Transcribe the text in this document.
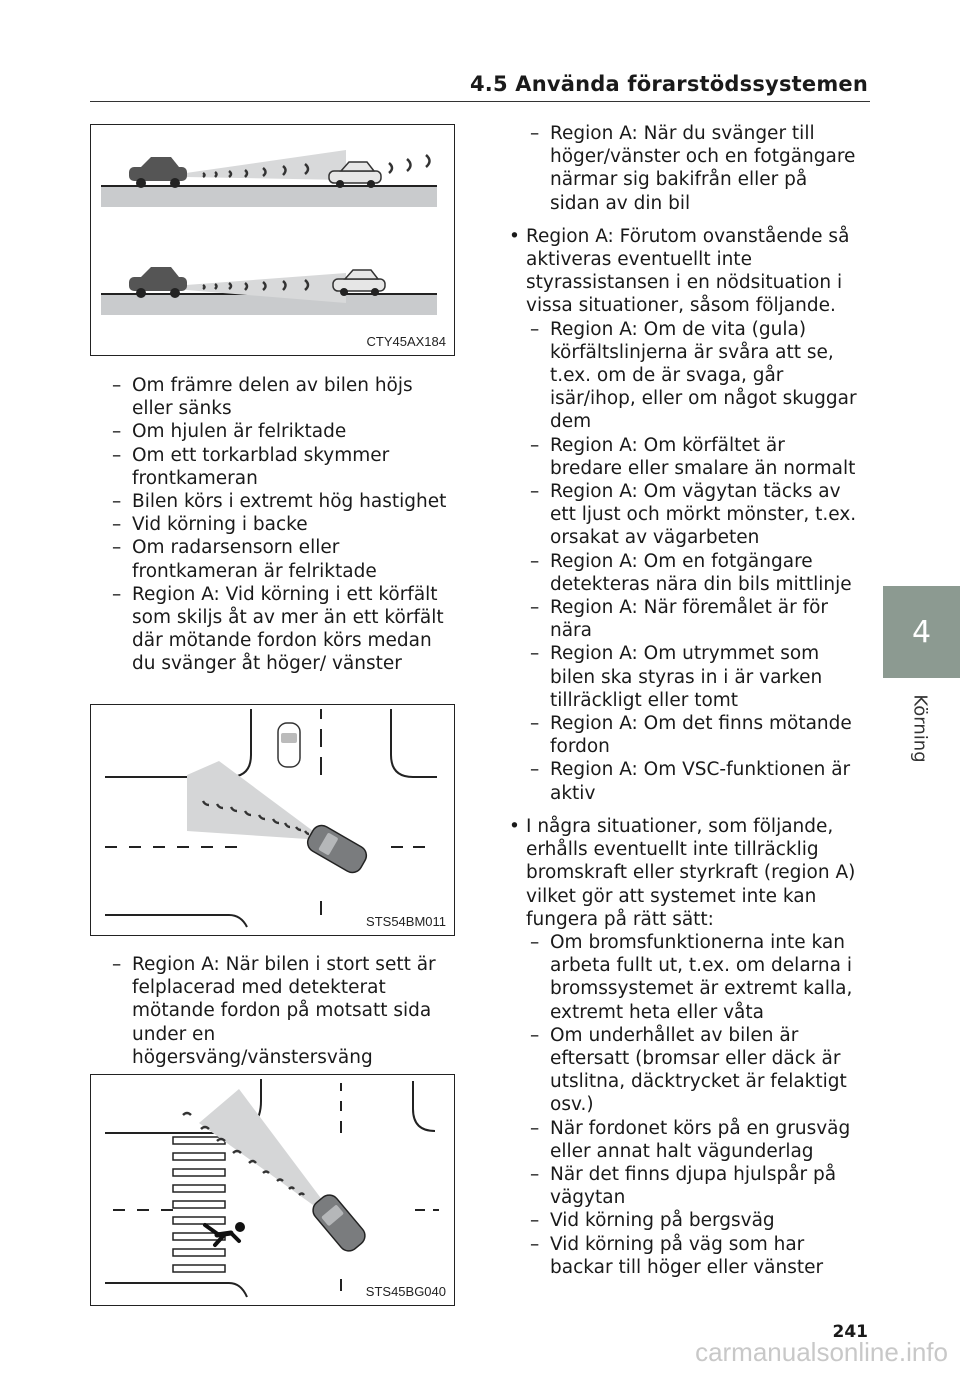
4.5 Använda förarstödssystemen
4
Körning
CTY45AX184
– Om främre delen av bilen höjs eller sänks
– Om hjulen är felriktade
– Om ett torkarblad skymmer frontkameran
– Bilen körs i extremt hög hastighet
– Vid körning i backe
– Om radarsensorn eller frontkameran är felriktade
– Region A: Vid körning i ett körfält som skiljs åt av mer än ett körfält där mötande fordon körs medan du svänger åt höger/ vänster
STS54BM011
– Region A: När bilen i stort sett är felplacerad med detekterat mötande fordon på motsatt sida under en högersväng/vänstersväng
STS45BG040
– Region A: När du svänger till höger/vänster och en fotgängare närmar sig bakifrån eller på sidan av din bil
• Region A: Förutom ovanstående så aktiveras eventuellt inte styrassistansen i en nödsituation i vissa situationer, såsom följande.
– Region A: Om de vita (gula) körfältslinjerna är svåra att se, t.ex. om de är svaga, går isär/ihop, eller om något skuggar dem
– Region A: Om körfältet är bredare eller smalare än normalt
– Region A: Om vägytan täcks av ett ljust och mörkt mönster, t.ex. orsakat av vägarbeten
– Region A: Om en fotgängare detekteras nära din bils mittlinje
– Region A: När föremålet är för nära
– Region A: Om utrymmet som bilen ska styras in i är varken tillräckligt eller tomt
– Region A: Om det finns mötande fordon
– Region A: Om VSC-funktionen är aktiv
• I några situationer, som följande, erhålls eventuellt inte tillräcklig bromskraft eller styrkraft (region A) vilket gör att systemet inte kan fungera på rätt sätt:
– Om bromsfunktionerna inte kan arbeta fullt ut, t.ex. om delarna i bromssystemet är extremt kalla, extremt heta eller våta
– Om underhållet av bilen är eftersatt (bromsar eller däck är utslitna, däcktrycket är felaktigt osv.)
– När fordonet körs på en grusväg eller annat halt vägunderlag
– När det finns djupa hjulspår på vägytan
– Vid körning på bergsväg
– Vid körning på väg som har backar till höger eller vänster
241
carmanualsonline.info
